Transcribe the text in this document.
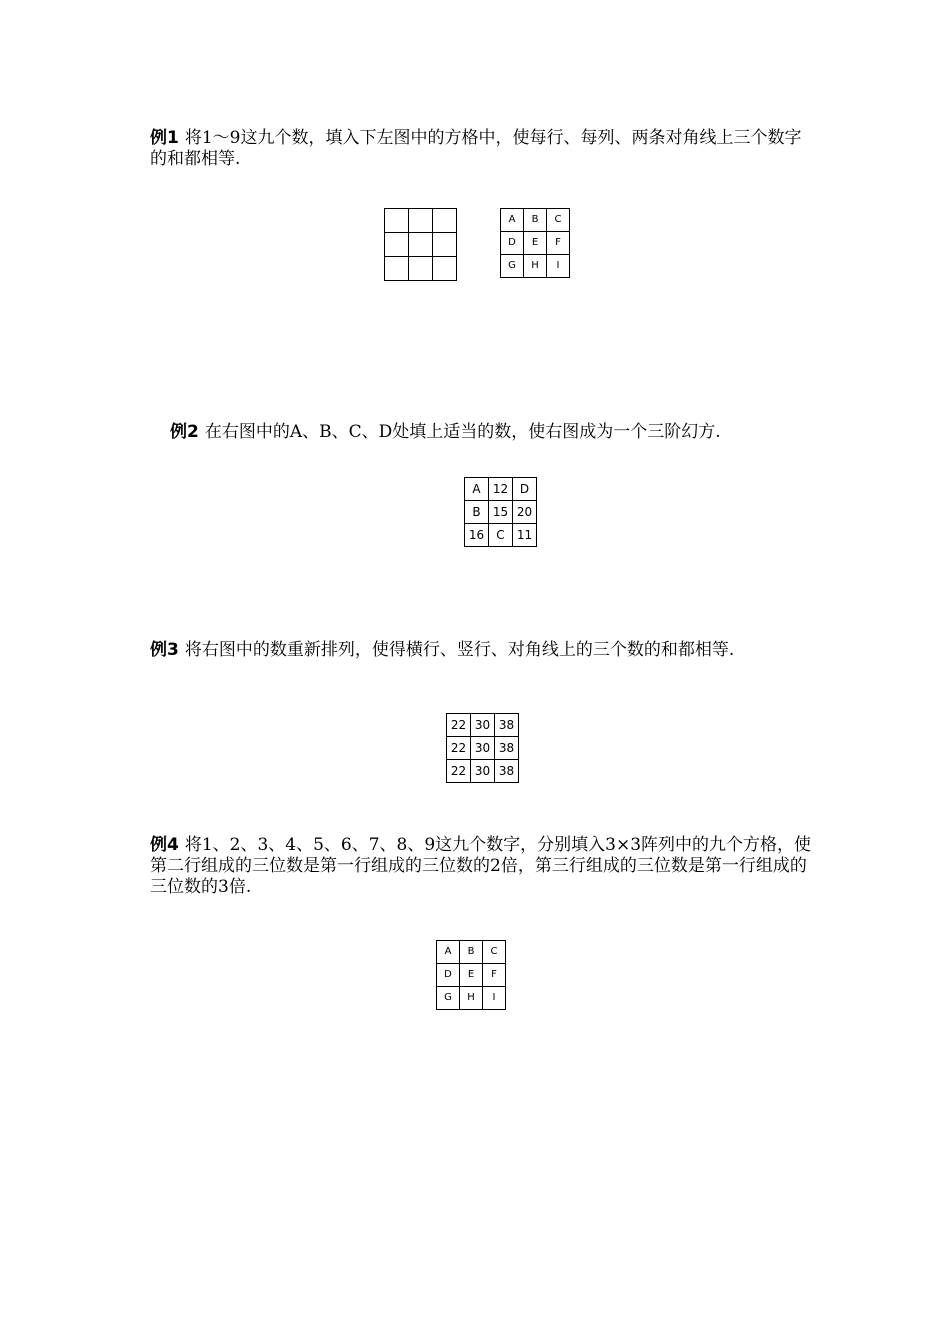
例1 将1～9这九个数，填入下左图中的方格中，使每行、每列、两条对角线上三个数字的和都相等.

A	B	C
D	E	F
G	H	I
例2 在右图中的A、B、C、D处填上适当的数，使右图成为一个三阶幻方.
A	12	D
B	15	20
16	C	11
例3 将右图中的数重新排列，使得横行、竖行、对角线上的三个数的和都相等.
22	30	38
22	30	38
22	30	38
例4 将1、2、3、4、5、6、7、8、9这九个数字，分别填入3×3阵列中的九个方格，使第二行组成的三位数是第一行组成的三位数的2倍，第三行组成的三位数是第一行组成的三位数的3倍.
A	B	C
D	E	F
G	H	I
